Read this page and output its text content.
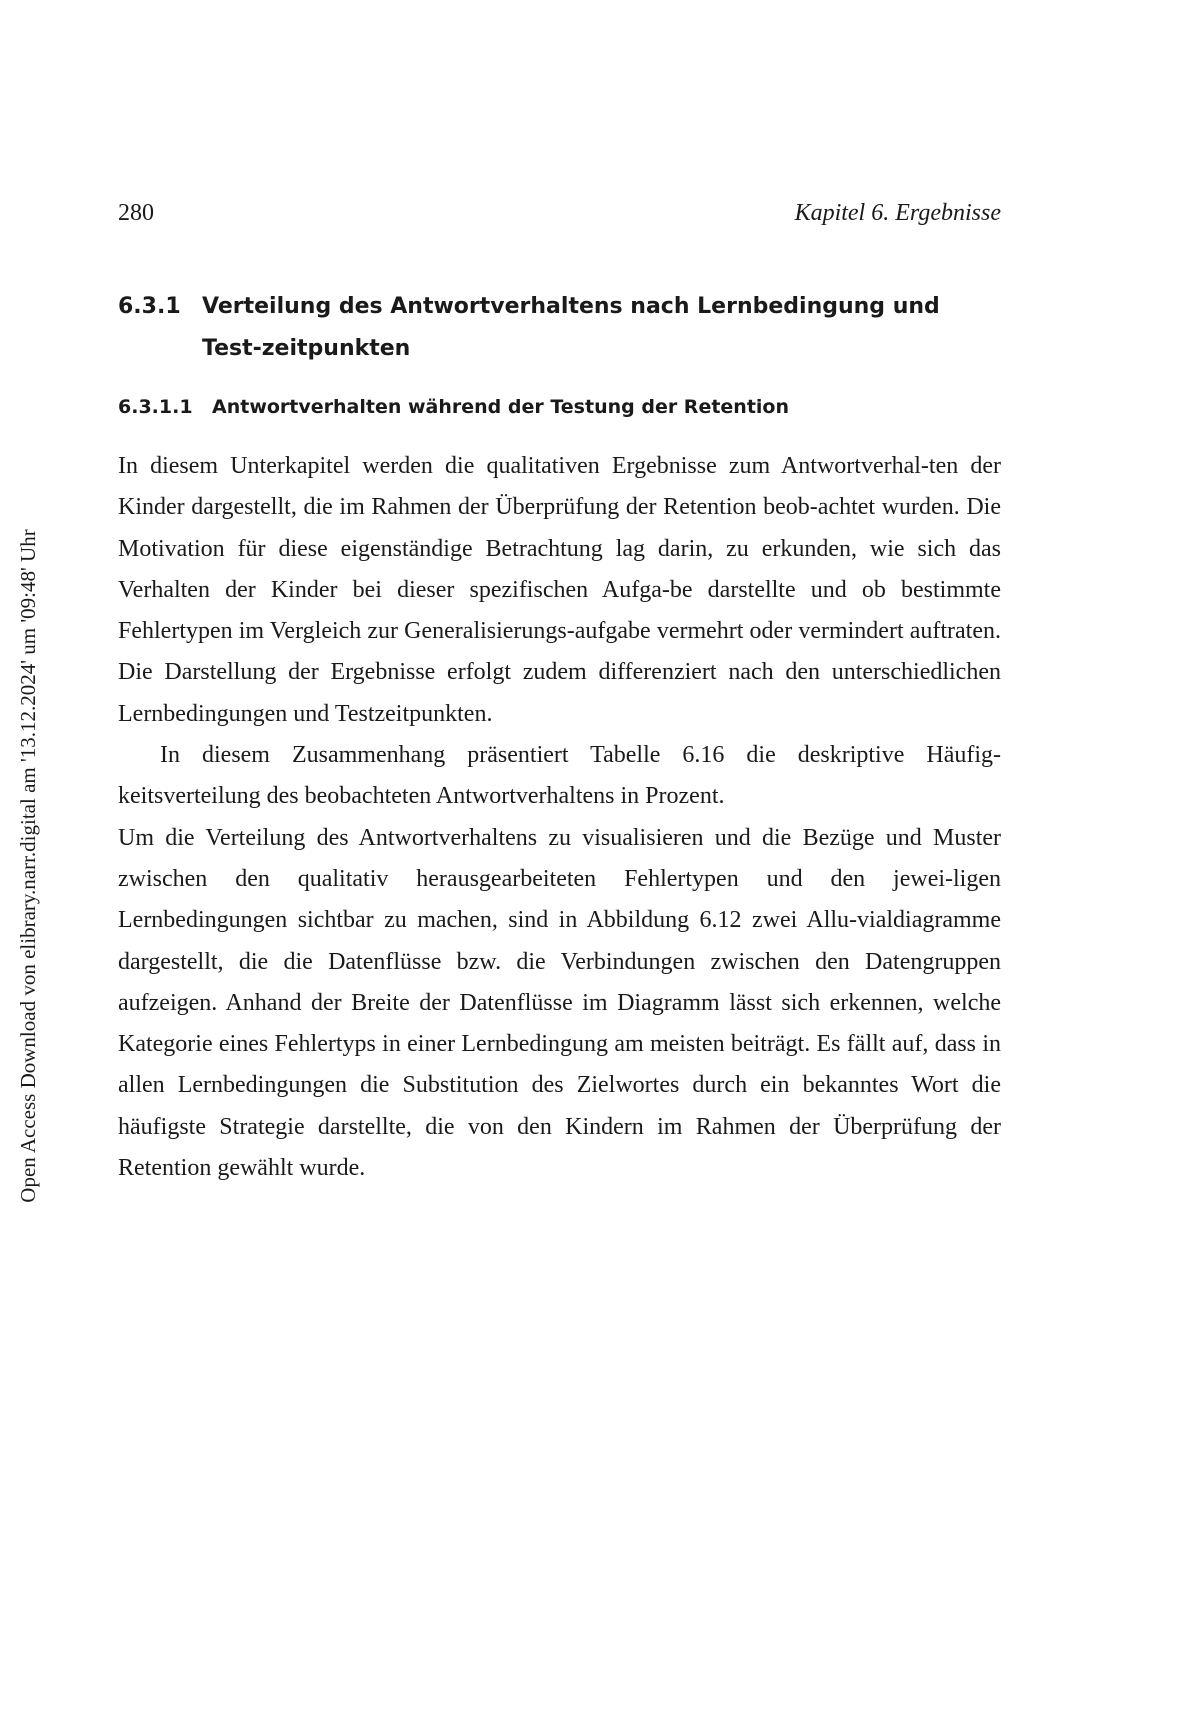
Open Access Download von elibrary.narr.digital am '13.12.2024' um '09:48' Uhr
280	Kapitel 6. Ergebnisse
6.3.1 Verteilung des Antwortverhaltens nach Lernbedingung und Test-zeitpunkten
6.3.1.1	Antwortverhalten während der Testung der Retention

In diesem Unterkapitel werden die qualitativen Ergebnisse zum Antwortverhal-ten der Kinder dargestellt, die im Rahmen der Überprüfung der Retention beob-achtet wurden. Die Motivation für diese eigenständige Betrachtung lag darin, zu erkunden, wie sich das Verhalten der Kinder bei dieser spezifischen Aufga-be darstellte und ob bestimmte Fehlertypen im Vergleich zur Generalisierungs-aufgabe vermehrt oder vermindert auftraten. Die Darstellung der Ergebnisse erfolgt zudem differenziert nach den unterschiedlichen Lernbedingungen und Testzeitpunkten.

In diesem Zusammenhang präsentiert Tabelle 6.16 die deskriptive Häufig-keitsverteilung des beobachteten Antwortverhaltens in Prozent.

Um die Verteilung des Antwortverhaltens zu visualisieren und die Bezüge und Muster zwischen den qualitativ herausgearbeiteten Fehlertypen und den jewei-ligen Lernbedingungen sichtbar zu machen, sind in Abbildung 6.12 zwei Allu-vialdiagramme dargestellt, die die Datenflüsse bzw. die Verbindungen zwischen den Datengruppen aufzeigen. Anhand der Breite der Datenflüsse im Diagramm lässt sich erkennen, welche Kategorie eines Fehlertyps in einer Lernbedingung am meisten beiträgt. Es fällt auf, dass in allen Lernbedingungen die Substitution des Zielwortes durch ein bekanntes Wort die häufigste Strategie darstellte, die von den Kindern im Rahmen der Überprüfung der Retention gewählt wurde.
